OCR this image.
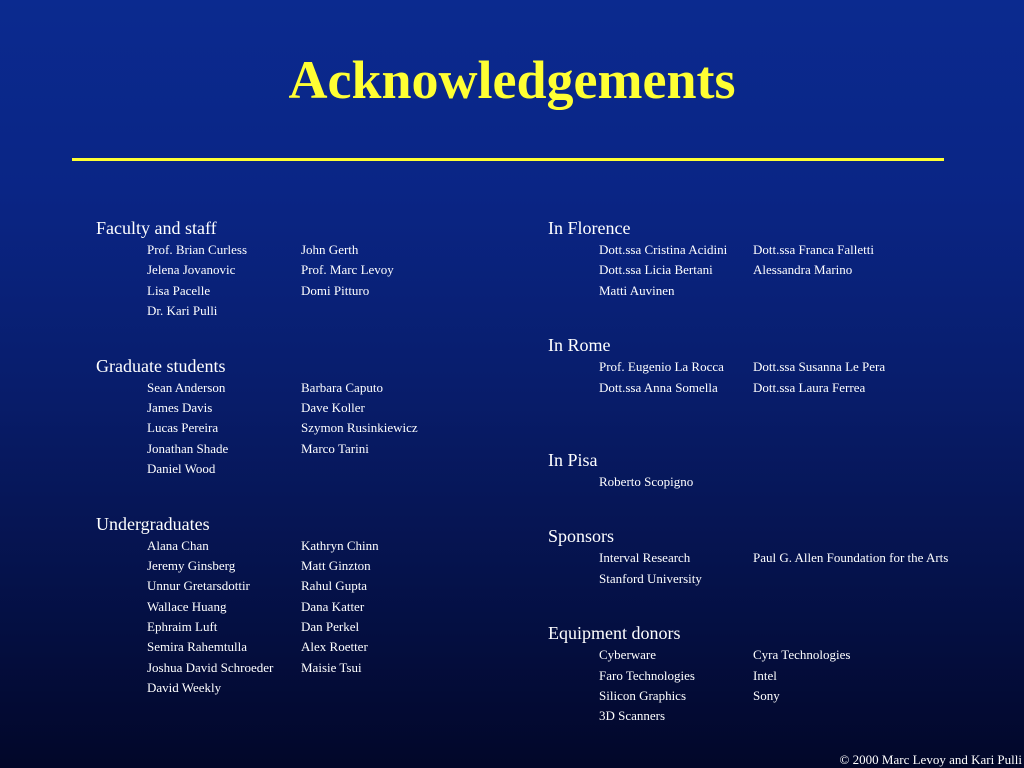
Acknowledgements
Faculty and staff
Prof. Brian Curless	John Gerth
Jelena Jovanovic	Prof. Marc Levoy
Lisa Pacelle	Domi Pitturo
Dr. Kari Pulli
Graduate students
Sean Anderson	Barbara Caputo
James Davis	Dave Koller
Lucas Pereira	Szymon Rusinkiewicz
Jonathan Shade	Marco Tarini
Daniel Wood
Undergraduates
Alana Chan	Kathryn Chinn
Jeremy Ginsberg	Matt Ginzton
Unnur Gretarsdottir	Rahul Gupta
Wallace Huang	Dana Katter
Ephraim Luft	Dan Perkel
Semira Rahemtulla	Alex Roetter
Joshua David Schroeder	Maisie Tsui
David Weekly
In Florence
Dott.ssa Cristina Acidini	Dott.ssa Franca Falletti
Dott.ssa Licia Bertani	Alessandra Marino
Matti Auvinen
In Rome
Prof. Eugenio La Rocca	Dott.ssa Susanna Le Pera
Dott.ssa Anna Somella	Dott.ssa Laura Ferrea
In Pisa
Roberto Scopigno
Sponsors
Interval Research	Paul G. Allen Foundation for the Arts
Stanford University
Equipment donors
Cyberware	Cyra Technologies
Faro Technologies	Intel
Silicon Graphics	Sony
3D Scanners
© 2000 Marc Levoy and Kari Pulli
